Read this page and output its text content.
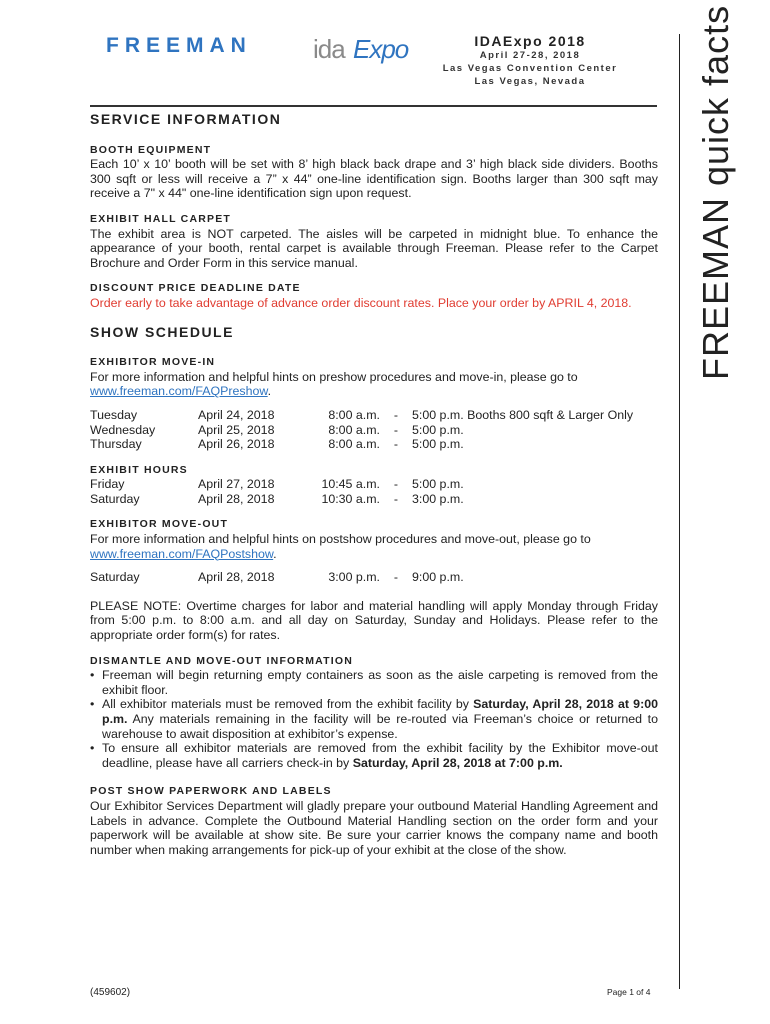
FREEMAN ida Expo	IDAExpo 2018
April 27-28, 2018
Las Vegas Convention Center
Las Vegas, Nevada	FREEMAN quick facts
SERVICE INFORMATION
BOOTH EQUIPMENT

Each 10’ x 10’ booth will be set with 8’ high black back drape and 3’ high black side dividers. Booths 300 sqft or less will receive a 7” x 44” one-line identification sign. Booths larger than 300 sqft may receive a 7" x 44" one-line identification sign upon request.

EXHIBIT HALL CARPET

The exhibit area is NOT carpeted. The aisles will be carpeted in midnight blue. To enhance the appearance of your booth, rental carpet is available through Freeman. Please refer to the Carpet Brochure and Order Form in this service manual.

DISCOUNT PRICE DEADLINE DATE

Order early to take advantage of advance order discount rates. Place your order by APRIL 4, 2018.

SHOW SCHEDULE
EXHIBITOR MOVE-IN

For more information and helpful hints on preshow procedures and move-in, please go to
www.freeman.com/FAQPreshow.

Tuesday	April 24, 2018	8:00 a.m.	-	5:00 p.m. Booths 800 sqft & Larger Only
Wednesday	April 25, 2018	8:00 a.m.	-	5:00 p.m.
Thursday	April 26, 2018	8:00 a.m.	-	5:00 p.m.
EXHIBIT HOURS
Friday	April 27, 2018	10:45 a.m.	-	5:00 p.m.
Saturday	April 28, 2018	10:30 a.m.	-	3:00 p.m.
EXHIBITOR MOVE-OUT

For more information and helpful hints on postshow procedures and move-out, please go to
www.freeman.com/FAQPostshow.

Saturday	April 28, 2018	3:00 p.m.	-	9:00 p.m.

PLEASE NOTE: Overtime charges for labor and material handling will apply Monday through Friday from 5:00 p.m. to 8:00 a.m. and all day on Saturday, Sunday and Holidays. Please refer to the appropriate order form(s) for rates.

DISMANTLE AND MOVE-OUT INFORMATION
• Freeman will begin returning empty containers as soon as the aisle carpeting is removed from the exhibit floor.
• All exhibitor materials must be removed from the exhibit facility by Saturday, April 28, 2018 at 9:00 p.m. Any materials remaining in the facility will be re-routed via Freeman’s choice or returned to warehouse to await disposition at exhibitor’s expense.
• To ensure all exhibitor materials are removed from the exhibit facility by the Exhibitor move-out deadline, please have all carriers check-in by Saturday, April 28, 2018 at 7:00 p.m.
POST SHOW PAPERWORK AND LABELS

Our Exhibitor Services Department will gladly prepare your outbound Material Handling Agreement and Labels in advance. Complete the Outbound Material Handling section on the order form and your paperwork will be available at show site. Be sure your carrier knows the company name and booth number when making arrangements for pick-up of your exhibit at the close of the show.

(459602)	Page 1 of 4
